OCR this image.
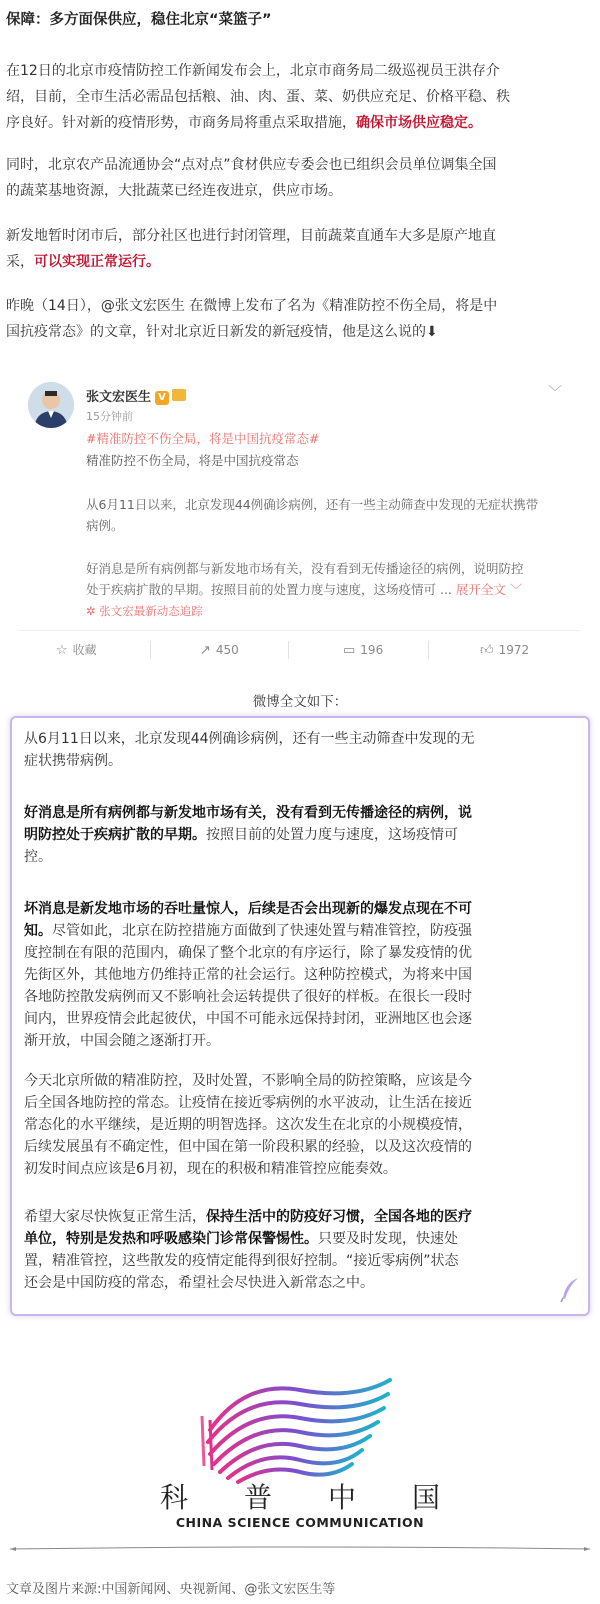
保障：多方面保供应，稳住北京“菜篮子”
在12日的北京市疫情防控工作新闻发布会上，北京市商务局二级巡视员王洪存介
绍，目前，全市生活必需品包括粮、油、肉、蛋、菜、奶供应充足、价格平稳、秩
序良好。针对新的疫情形势，市商务局将重点采取措施，确保市场供应稳定。
同时，北京农产品流通协会“点对点”食材供应专委会也已组织会员单位调集全国
的蔬菜基地资源，大批蔬菜已经连夜进京，供应市场。
新发地暂时闭市后，部分社区也进行封闭管理，目前蔬菜直通车大多是原产地直
采，可以实现正常运行。
昨晚（14日），@张文宏医生 在微博上发布了名为《精准防控不伤全局，将是中
国抗疫常态》的文章，针对北京近日新发的新冠疫情，他是这么说的⬇
张文宏医生 V
15分钟前
﹀
#精准防控不伤全局，将是中国抗疫常态#
精准防控不伤全局，将是中国抗疫常态
从6月11日以来，北京发现44例确诊病例，还有一些主动筛查中发现的无症状携带
病例。
好消息是所有病例都与新发地市场有关，没有看到无传播途径的病例，说明防控
处于疾病扩散的早期。按照目前的处置力度与速度，这场疫情可 ... 展开全文 ﹀
✲ 张文宏最新动态追踪
☆ 收藏	↗ 450	▭ 196	👍︎ 1972
微博全文如下：
从6月11日以来，北京发现44例确诊病例，还有一些主动筛查中发现的无
症状携带病例。
好消息是所有病例都与新发地市场有关，没有看到无传播途径的病例，说
明防控处于疾病扩散的早期。按照目前的处置力度与速度，这场疫情可
控。
坏消息是新发地市场的吞吐量惊人，后续是否会出现新的爆发点现在不可
知。尽管如此，北京在防控措施方面做到了快速处置与精准管控，防疫强
度控制在有限的范围内，确保了整个北京的有序运行，除了暴发疫情的优
先街区外，其他地方仍维持正常的社会运行。这种防控模式，为将来中国
各地防控散发病例而又不影响社会运转提供了很好的样板。在很长一段时
间内，世界疫情会此起彼伏，中国不可能永远保持封闭，亚洲地区也会逐
渐开放，中国会随之逐渐打开。
今天北京所做的精准防控，及时处置，不影响全局的防控策略，应该是今
后全国各地防控的常态。让疫情在接近零病例的水平波动，让生活在接近
常态化的水平继续，是近期的明智选择。这次发生在北京的小规模疫情，
后续发展虽有不确定性，但中国在第一阶段积累的经验，以及这次疫情的
初发时间点应该是6月初，现在的积极和精准管控应能奏效。
希望大家尽快恢复正常生活，保持生活中的防疫好习惯，全国各地的医疗
单位，特别是发热和呼吸感染门诊常保警惕性。只要及时发现，快速处
置，精准管控，这些散发的疫情定能得到很好控制。“接近零病例”状态
还会是中国防疫的常态，希望社会尽快进入新常态之中。
科 普 中 国
CHINA SCIENCE COMMUNICATION
文章及图片来源:中国新闻网、央视新闻、@张文宏医生等
